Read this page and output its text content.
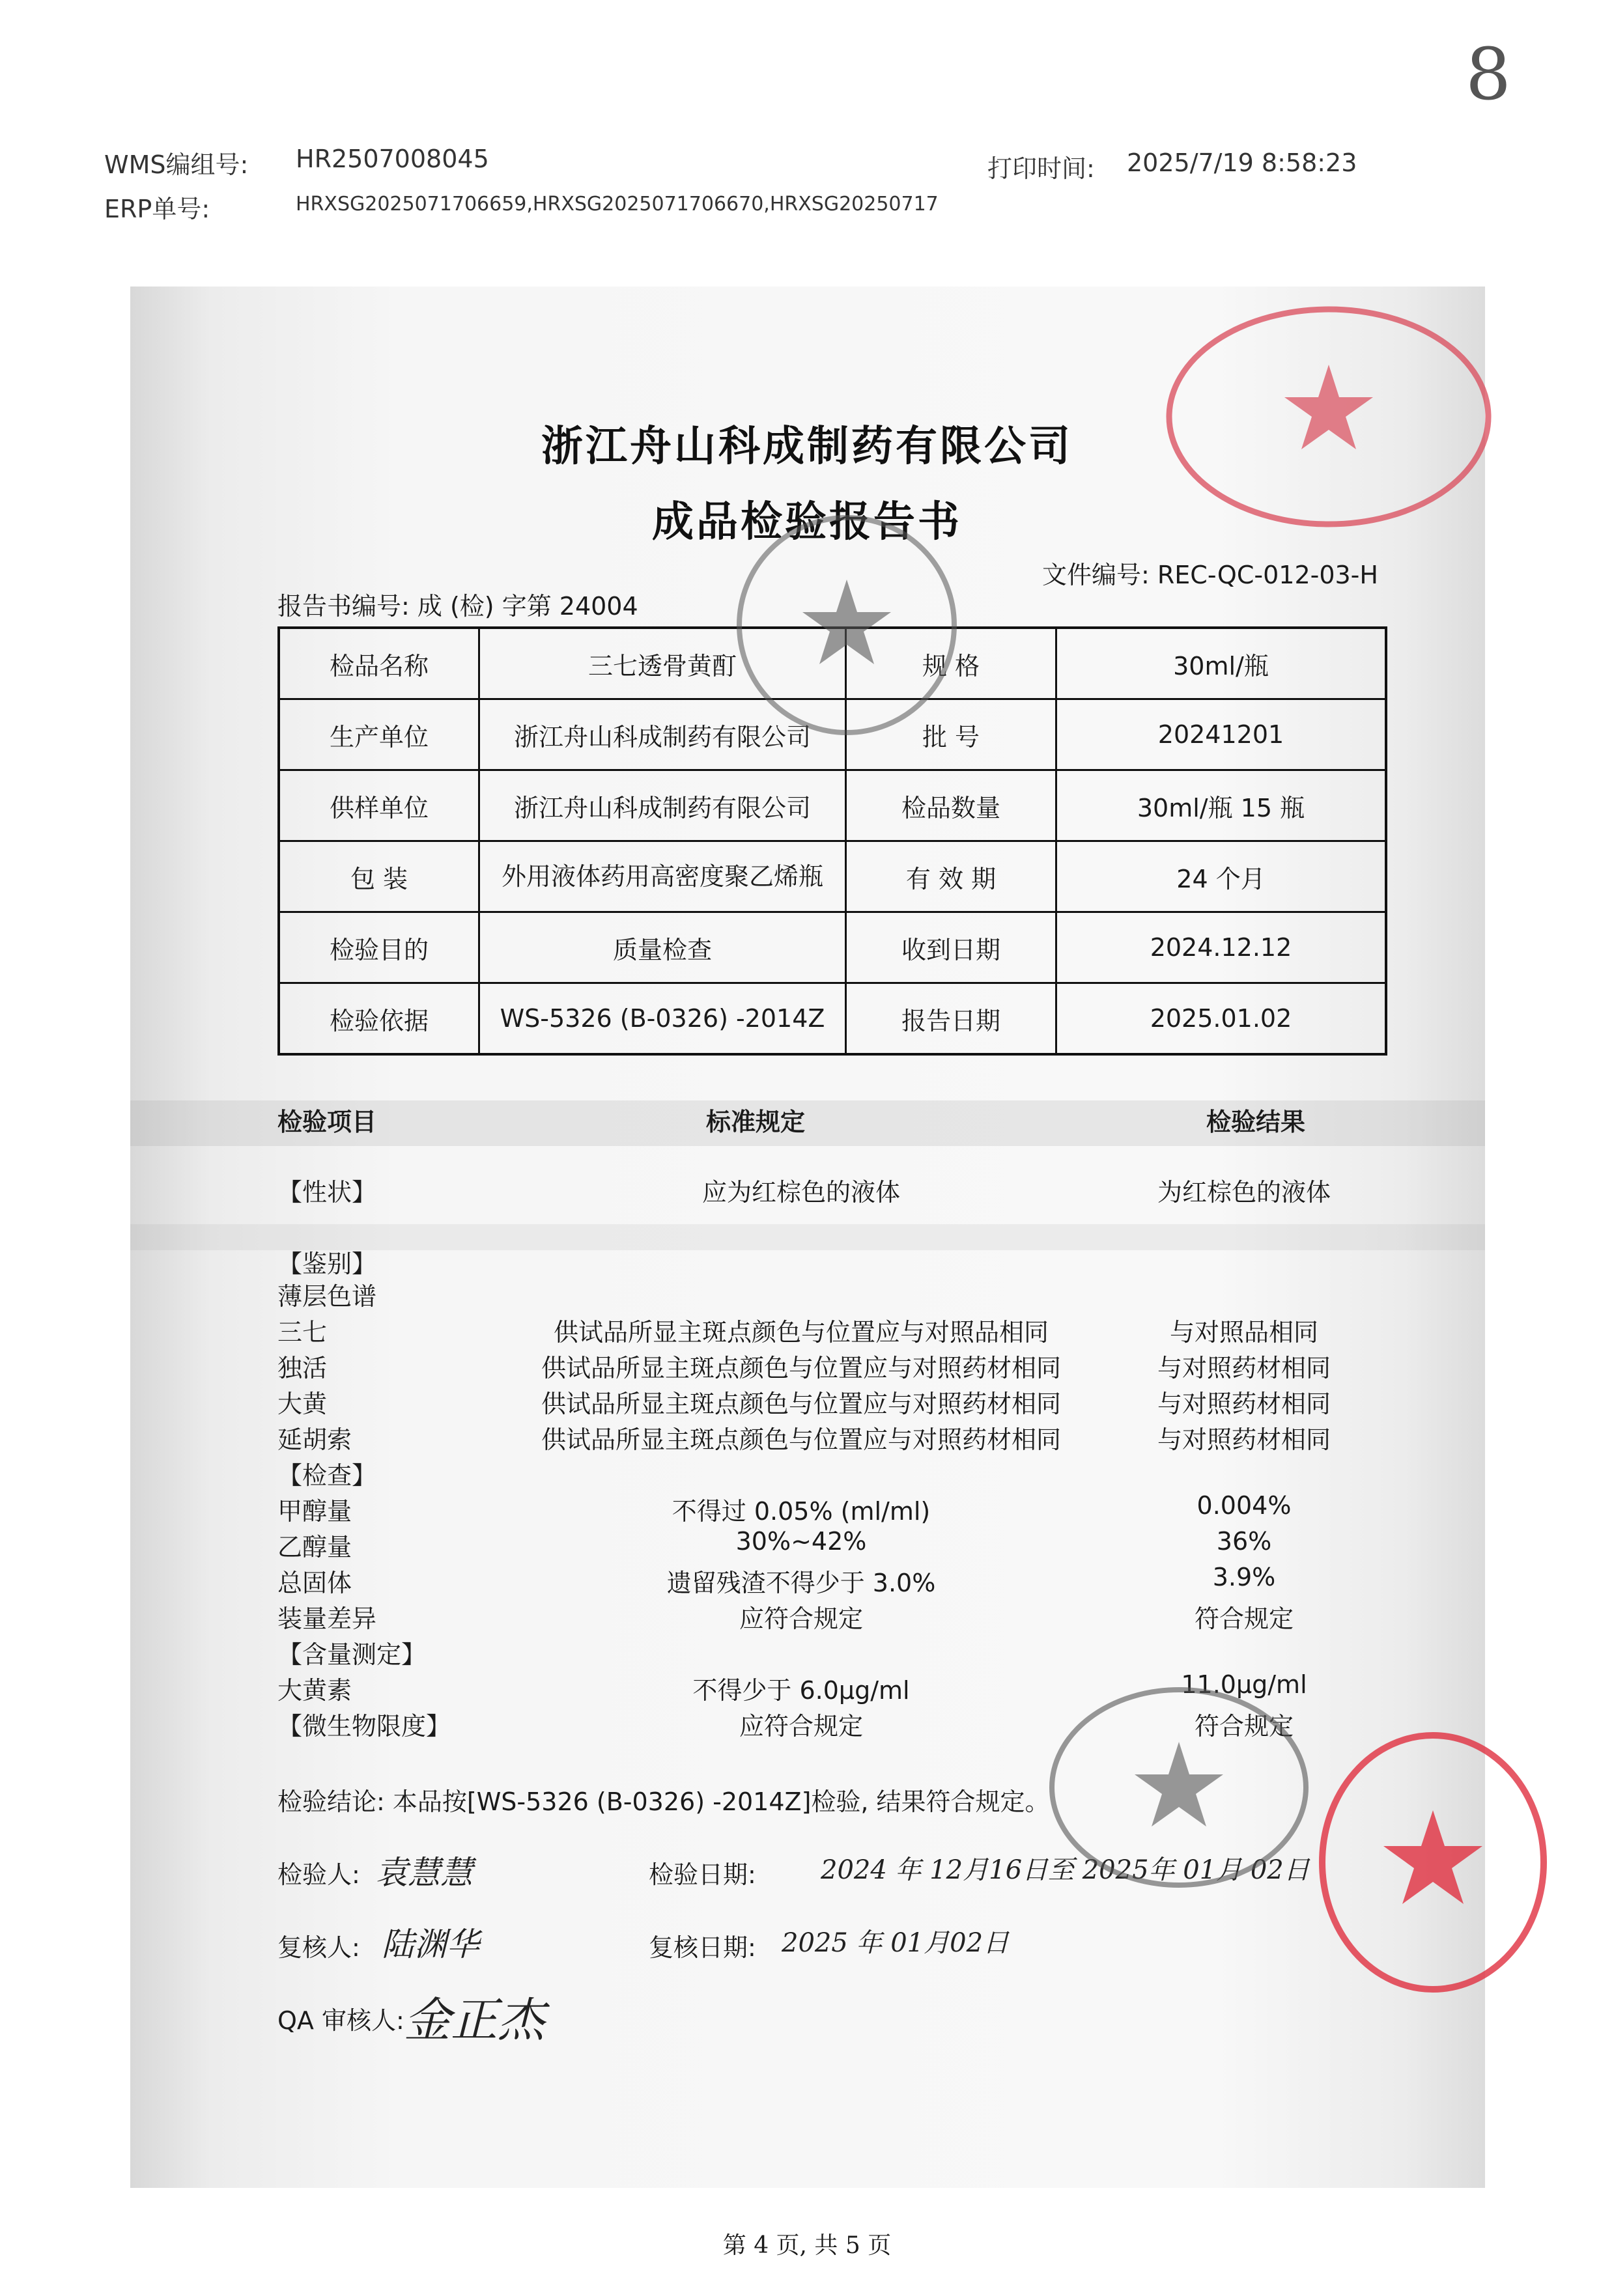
8
WMS编组号: HR2507008045	打印时间: 2025/7/19 8:58:23
ERP单号:	HRXSG2025071706659,HRXSG2025071706670,HRXSG20250717
浙江舟山科成制药有限公司
成品检验报告书
文件编号: REC-QC-012-03-H
报告书编号: 成 (检) 字第 24004
检品名称	三七透骨黄酊	规 格	30ml/瓶
生产单位	浙江舟山科成制药有限公司	批 号	20241201
供样单位	浙江舟山科成制药有限公司	检品数量	30ml/瓶 15 瓶
包 装	外用液体药用高密度聚乙烯瓶	有 效 期	24 个月
检验目的	质量检查	收到日期	2024.12.12
检验依据	WS-5326 (B-0326) -2014Z	报告日期	2025.01.02
检验项目	标准规定	检验结果
【性状】	应为红棕色的液体	为红棕色的液体
【鉴别】
薄层色谱
三七	供试品所显主斑点颜色与位置应与对照品相同	与对照品相同
独活	供试品所显主斑点颜色与位置应与对照药材相同	与对照药材相同
大黄	供试品所显主斑点颜色与位置应与对照药材相同	与对照药材相同
延胡索	供试品所显主斑点颜色与位置应与对照药材相同	与对照药材相同
【检查】
甲醇量	不得过 0.05% (ml/ml)	0.004%
乙醇量	30%~42%	36%
总固体	遗留残渣不得少于 3.0%	3.9%
装量差异	应符合规定	符合规定
【含量测定】
大黄素	不得少于 6.0μg/ml	11.0μg/ml
【微生物限度】	应符合规定	符合规定
检验结论: 本品按[WS-5326 (B-0326) -2014Z]检验, 结果符合规定。
检验人: 袁慧慧	检验日期: 2024 年 12月16日至 2025年 01月 02日
复核人: 陆渊华	复核日期: 2025 年 01月02日
QA 审核人: 金正杰
第 4 页, 共 5 页
